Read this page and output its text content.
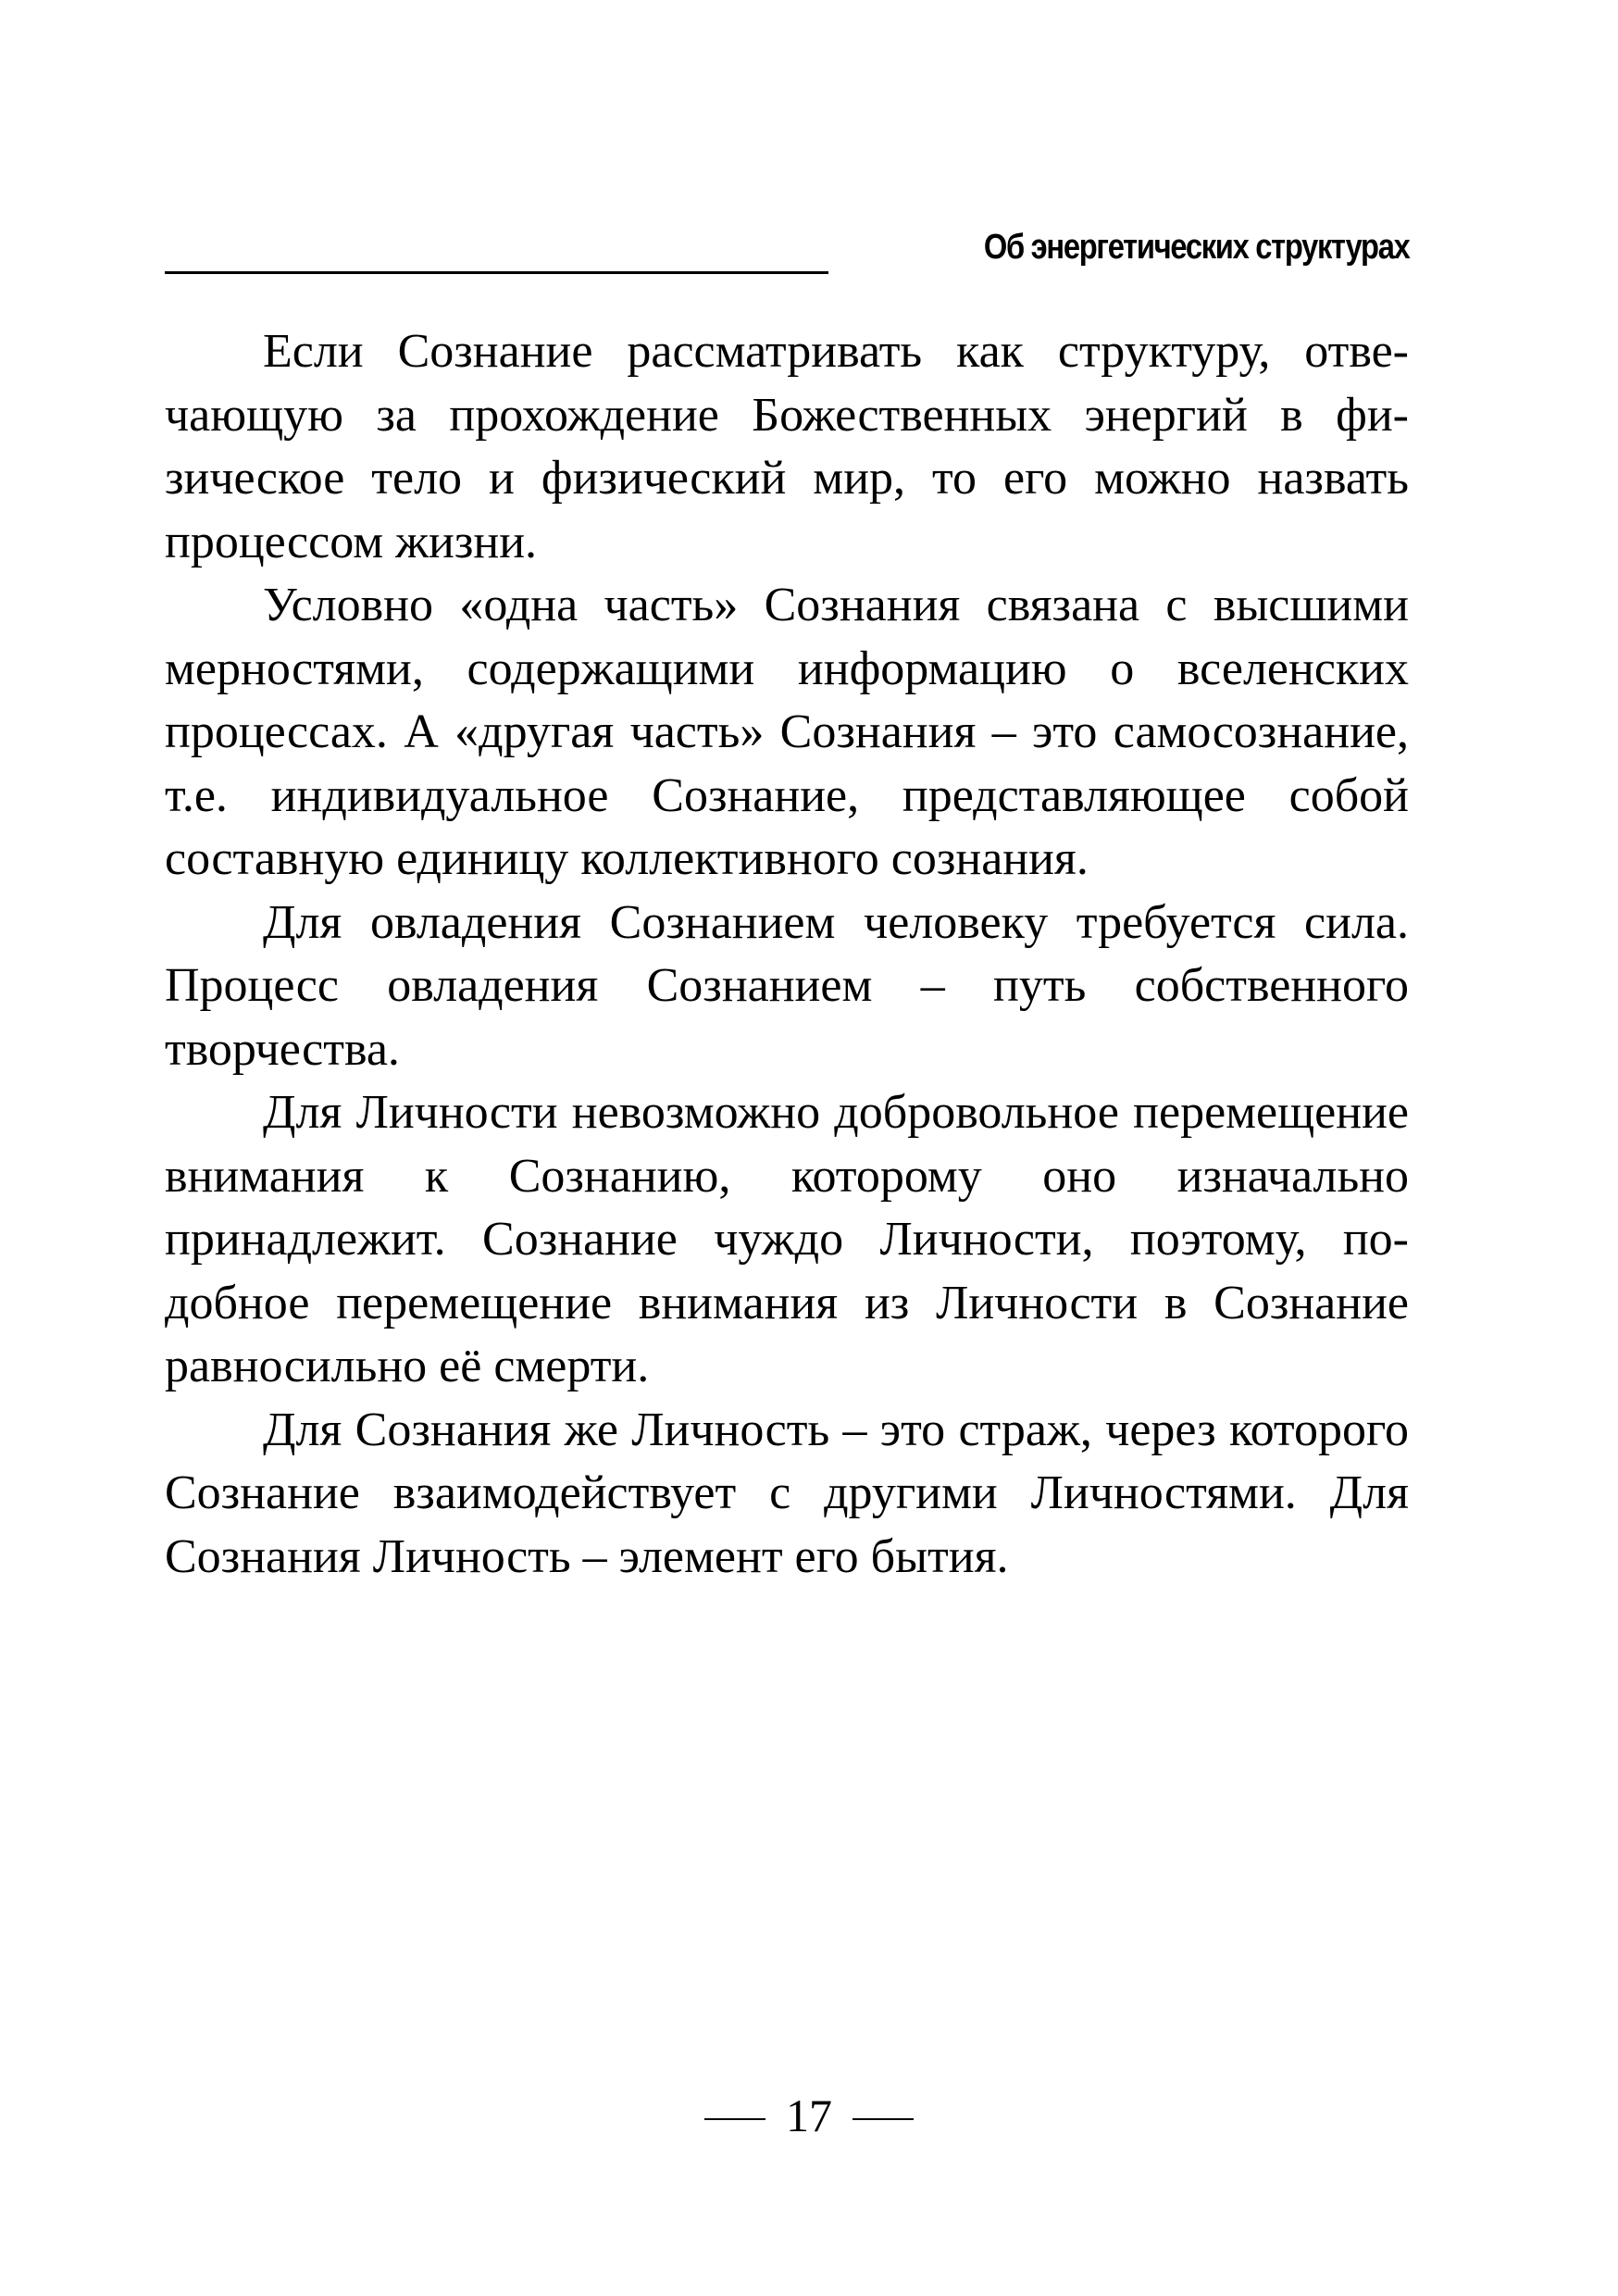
Об энергетических структурах

Если Сознание рассматривать как структуру, отвечающую за прохождение Божественных энергий в физическое тело и физический мир, то его можно назвать процессом жизни.

Условно «одна часть» Сознания связана с высшими мерностями, содержащими информацию о вселенских процессах. А «другая часть» Сознания – это самосознание, т.е. индивидуальное Сознание, представляющее собой составную единицу коллективного сознания.

Для овладения Сознанием человеку требуется сила. Процесс овладения Сознанием – путь собственного творчества.

Для Личности невозможно добровольное перемещение внимания к Сознанию, которому оно изначально принадлежит. Сознание чуждо Личности, поэтому, подобное перемещение внимания из Личности в Сознание равносильно её смерти.

Для Сознания же Личность – это страж, через которого Сознание взаимодействует с другими Личностями. Для Сознания Личность – элемент его бытия.

17
